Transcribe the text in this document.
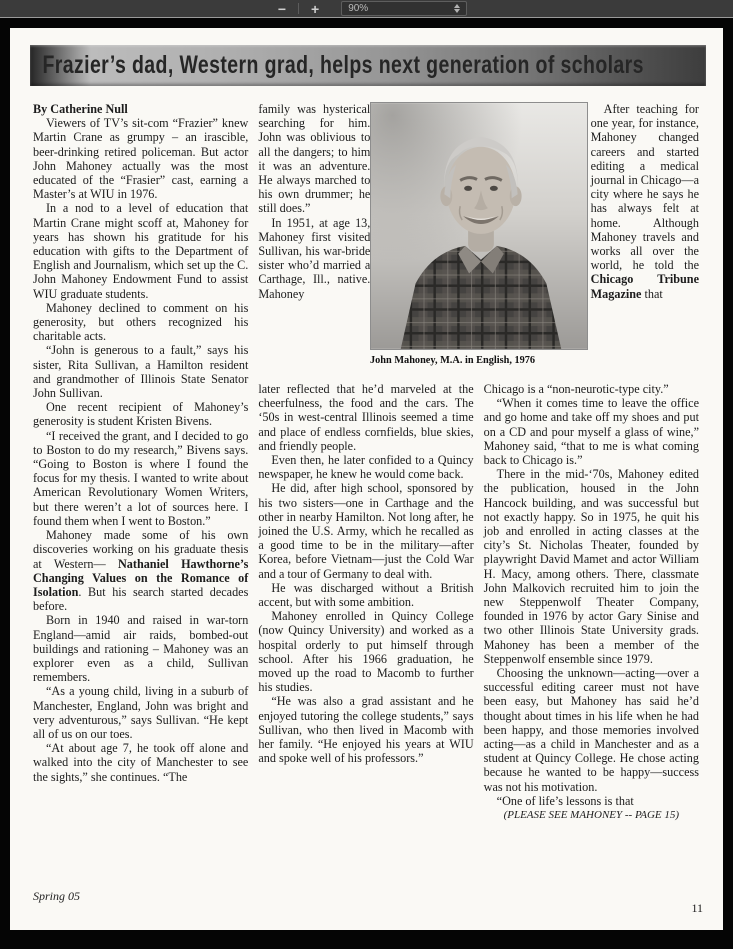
−	+	90%
Frazier’s dad, Western grad, helps next generation of scholars
John Mahoney, M.A. in English, 1976

By Catherine Null

Viewers of TV’s sit-com “Frazier” knew Martin Crane as grumpy – an irascible, beer-drinking retired policeman. But actor John Mahoney actually was the most educated of the “Frasier” cast, earning a Master’s at WIU in 1976.

In a nod to a level of education that Martin Crane might scoff at, Mahoney for years has shown his gratitude for his education with gifts to the Department of English and Journalism, which set up the C. John Mahoney Endowment Fund to assist WIU graduate students.

Mahoney declined to comment on his generosity, but others recognized his charitable acts.

“John is generous to a fault,” says his sister, Rita Sullivan, a Hamilton resident and grandmother of Illinois State Senator John Sullivan.

One recent recipient of Mahoney’s generosity is student Kristen Bivens.

“I received the grant, and I decided to go to Boston to do my research,” Bivens says. “Going to Boston is where I found the focus for my thesis. I wanted to write about American Revolutionary Women Writers, but there weren’t a lot of sources here. I found them when I went to Boston.”

Mahoney made some of his own discoveries working on his graduate thesis at Western— Nathaniel Hawthorne’s Changing Values on the Romance of Isolation. But his search started decades before.

Born in 1940 and raised in war-torn England—amid air raids, bombed-out buildings and rationing – Mahoney was an explorer even as a child, Sullivan remembers.

“As a young child, living in a suburb of Manchester, England, John was bright and very adventurous,” says Sullivan. “He kept all of us on our toes.

“At about age 7, he took off alone and walked into the city of Manchester to see the sights,” she continues. “The

family was hysterical searching for him. John was oblivious to all the dangers; to him it was an adventure. He always marched to his own drummer; he still does.”

In 1951, at age 13, Mahoney first visited Sullivan, his war-bride sister who’d married a Carthage, Ill., native. Mahoney

later reflected that he’d marveled at the cheerfulness, the food and the cars. The ‘50s in west-central Illinois seemed a time and place of endless cornfields, blue skies, and friendly people.

Even then, he later confided to a Quincy newspaper, he knew he would come back.

He did, after high school, sponsored by his two sisters—one in Carthage and the other in nearby Hamilton. Not long after, he joined the U.S. Army, which he recalled as a good time to be in the military—after Korea, before Vietnam—just the Cold War and a tour of Germany to deal with.

He was discharged without a British accent, but with some ambition.

Mahoney enrolled in Quincy College (now Quincy University) and worked as a hospital orderly to put himself through school. After his 1966 graduation, he moved up the road to Macomb to further his studies.

“He was also a grad assistant and he enjoyed tutoring the college students,” says Sullivan, who then lived in Macomb with her family. “He enjoyed his years at WIU and spoke well of his professors.”

After teaching for one year, for instance, Mahoney changed careers and started editing a medical journal in Chicago—a city where he says he has always felt at home. Although Mahoney travels and works all over the world, he told the Chicago Tribune Magazine that

Chicago is a “non-neurotic-type city.”

“When it comes time to leave the office and go home and take off my shoes and put on a CD and pour myself a glass of wine,” Mahoney said, “that to me is what coming back to Chicago is.”

There in the mid-‘70s, Mahoney edited the publication, housed in the John Hancock building, and was successful but not exactly happy. So in 1975, he quit his job and enrolled in acting classes at the city’s St. Nicholas Theater, founded by playwright David Mamet and actor William H. Macy, among others. There, classmate John Malkovich recruited him to join the new Steppenwolf Theater Company, founded in 1976 by actor Gary Sinise and two other Illinois State University grads. Mahoney has been a member of the Steppenwolf ensemble since 1979.

Choosing the unknown—acting—over a successful editing career must not have been easy, but Mahoney has said he’d thought about times in his life when he had been happy, and those memories involved acting—as a child in Manchester and as a student at Quincy College. He chose acting because he wanted to be happy—success was not his motivation.

“One of life’s lessons is that

(PLEASE SEE MAHONEY -- PAGE 15)

Spring 05
11
